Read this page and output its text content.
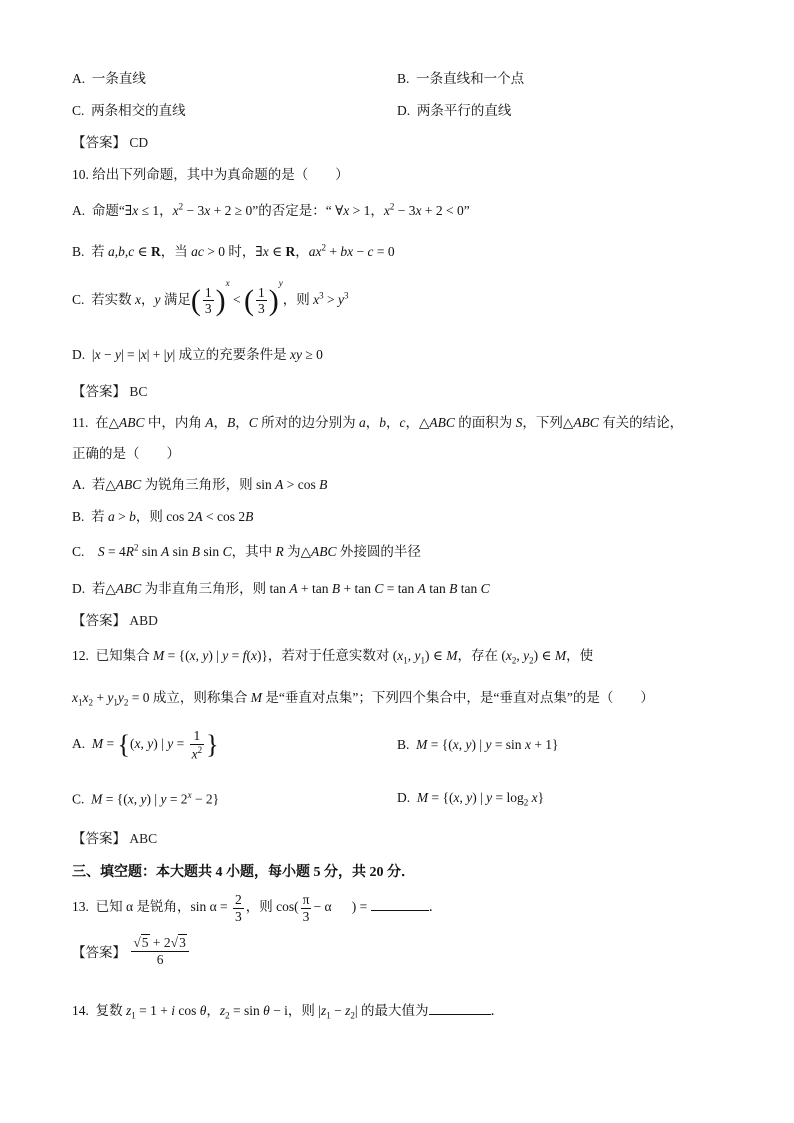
A.  一条直线	B.  一条直线和一个点
C.  两条相交的直线	D.  两条平行的直线
【答案】 CD
10. 给出下列命题，其中为真命题的是（　　）
A.  命题“∃x ≤ 1，$x^2 - 3x + 2 \ge 0$”的否定是：“ ∀x > 1，$x^2 - 3x + 2 < 0$”
B.  若 a,b,c ∈ R，当 ac > 0 时，∃x ∈ R，$ax^2$ + bx − c = 0
C.  若实数 x，y 满足( $\frac{1}{3} )^x$ < ( $\frac{1}{3} )^y$，则 $x^3 > y^3$
D.  |x − y| = |x| + |y| 成立的充要条件是 xy ≥ 0
【答案】 BC
11.  在△ABC 中，内角 A，B，C 所对的边分别为 a，b，c，△ABC 的面积为 S，下列△ABC 有关的结论，
正确的是（　　）
A.  若△ABC 为锐角三角形，则 sin A > cos B
B.  若 a > b，则 cos 2A < cos 2B
C.    $S = 4R^2$ sin A sin B sin C，其中 R 为△ABC 外接圆的半径
D.  若△ABC 为非直角三角形，则 tan A + tan B + tan C = tan A tan B tan C
【答案】 ABD
12.  已知集合 M = {(x, y) | y = f(x)}，若对于任意实数对 ($x_1$, $y_1$) ∈ M，存在 ($x_2$, $y_2$) ∈ M，使
$x_1x_2 + y_1y_2 = 0$ 成立，则称集合 M 是“垂直对点集”；下列四个集合中，是“垂直对点集”的是（　　）
A.  M = {(x, y) | $y = \frac{1}{x^2}$ }	B.  M = {(x, y) | y = sin x + 1}
C.  M = {(x, y) | $y = 2^x - 2$}	D.  M = {(x, y) | $y = \log_2 x$}
【答案】 ABC
三、填空题：本大题共 4 小题，每小题 5 分，共 20 分．
13.  已知 α 是锐角，$\sin \alpha = \frac{2}{3}$ ，则 $\cos( \frac{\pi}{3} - \alpha$      ) =	．
【答案】 $\frac{√5 + 2√3}{6}$
14.  复数 $z_1 = 1 + i$ cos θ，$z_2 = \sin \theta - i$，则 $|z_1 - z_2|$ 的最大值为	．
